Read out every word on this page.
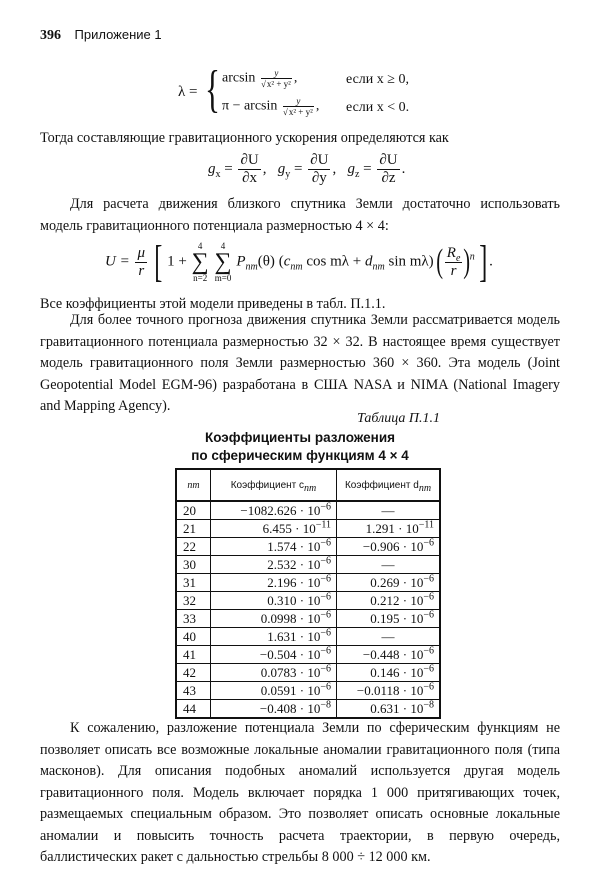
396 Приложение 1
λ = { $\arcsin \frac{y}{\text{√x² + y²}}$ ,	если x ≥ 0,
$\pi - \arcsin \frac{y}{\text{√x² + y²}}$ , если x < 0.
Тогда составляющие гравитационного ускорения определяются как
$g_x = \frac{\partial U}{\partial x}$ ,   $g_y = \frac{\partial U}{\partial y}$ ,   $g_z = \frac{\partial U}{\partial z}$ .
Для расчета движения близкого спутника Земли достаточно использовать модель гравитационного потенциала размерностью 4 × 4:
$U = \frac{\mu}{r}$ [ 1 + 4
∑
n=2 4
∑
m=0 $P_{nm}(\theta)$ ($c_{nm}$ $\cos m\lambda + d_{nm}$ sin mλ) ( $\frac{R_e}{r} )^n$ ].
Все коэффициенты этой модели приведены в табл. П.1.1.
Для более точного прогноза движения спутника Земли рассматривается модель гравитационного потенциала размерностью 32 × 32. В настоящее время существует модель гравитационного поля Земли размерностью 360 × 360. Эта модель (Joint Geopotential Model EGM-96) разработана в США NASA и NIMA (National Imagery and Mapping Agency).
Таблица П.1.1
Коэффициенты разложения
по сферическим функциям 4 × 4
nm	Коэффициент $c_{nm}$	Коэффициент $d_{nm}$
20	$-1082.626 \cdot 10^{-6}$	—
21	$6.455 \cdot 10^{-11}$	$1.291 \cdot 10^{-11}$
22	$1.574 \cdot 10^{-6}$	$-0.906 \cdot 10^{-6}$
30	$2.532 \cdot 10^{-6}$	—
31	$2.196 \cdot 10^{-6}$	$0.269 \cdot 10^{-6}$
32	$0.310 \cdot 10^{-6}$	$0.212 \cdot 10^{-6}$
33	$0.0998 \cdot 10^{-6}$	$0.195 \cdot 10^{-6}$
40	$1.631 \cdot 10^{-6}$	—
41	$-0.504 \cdot 10^{-6}$	$-0.448 \cdot 10^{-6}$
42	$0.0783 \cdot 10^{-6}$	$0.146 \cdot 10^{-6}$
43	$0.0591 \cdot 10^{-6}$	$-0.0118 \cdot 10^{-6}$
44	$-0.408 \cdot 10^{-8}$	$0.631 \cdot 10^{-8}$
К сожалению, разложение потенциала Земли по сферическим функциям не позволяет описать все возможные локальные аномалии гравитационного поля (типа масконов). Для описания подобных аномалий используется другая модель гравитационного поля. Модель включает порядка 1 000 притягивающих точек, размещаемых специальным образом. Это позволяет описать основные локальные аномалии и повысить точность расчета траектории, в первую очередь, баллистических ракет с дальностью стрельбы 8 000 ÷ 12 000 км.
